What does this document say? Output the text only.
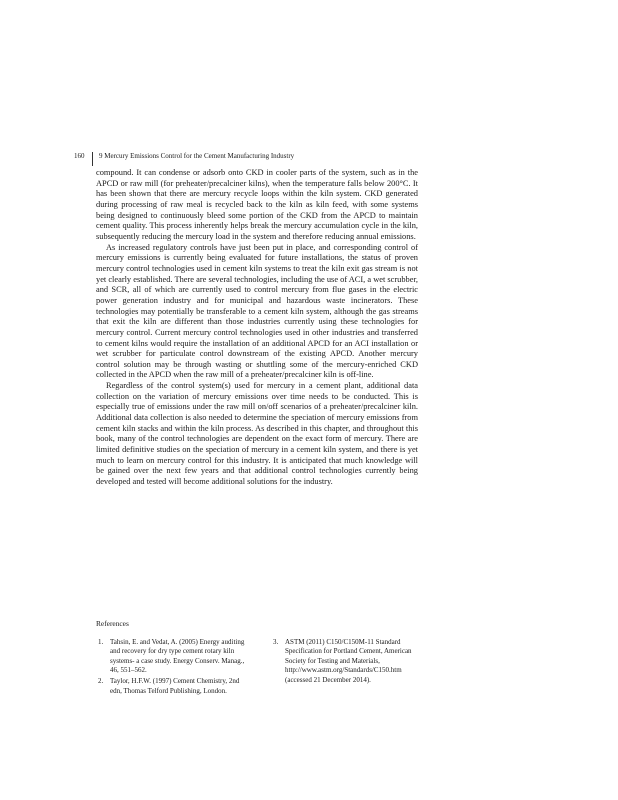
160	9 Mercury Emissions Control for the Cement Manufacturing Industry

compound. It can condense or adsorb onto CKD in cooler parts of the system, such as in the APCD or raw mill (for preheater/precalciner kilns), when the temperature falls below 200°C. It has been shown that there are mercury recycle loops within the kiln system. CKD generated during processing of raw meal is recycled back to the kiln as kiln feed, with some systems being designed to continuously bleed some portion of the CKD from the APCD to maintain cement quality. This process inherently helps break the mercury accumulation cycle in the kiln, subsequently reducing the mercury load in the system and therefore reducing annual emissions.

As increased regulatory controls have just been put in place, and corresponding control of mercury emissions is currently being evaluated for future installations, the status of proven mercury control technologies used in cement kiln systems to treat the kiln exit gas stream is not yet clearly established. There are several technologies, including the use of ACI, a wet scrubber, and SCR, all of which are currently used to control mercury from flue gases in the electric power generation industry and for municipal and hazardous waste incinerators. These technologies may potentially be transferable to a cement kiln system, although the gas streams that exit the kiln are different than those industries currently using these technologies for mercury control. Current mercury control technologies used in other industries and transferred to cement kilns would require the installation of an additional APCD for an ACI installation or wet scrubber for particulate control downstream of the existing APCD. Another mercury control solution may be through wasting or shuttling some of the mercury-enriched CKD collected in the APCD when the raw mill of a preheater/precalciner kiln is off-line.

Regardless of the control system(s) used for mercury in a cement plant, additional data collection on the variation of mercury emissions over time needs to be conducted. This is especially true of emissions under the raw mill on/off scenarios of a preheater/precalciner kiln. Additional data collection is also needed to determine the speciation of mercury emissions from cement kiln stacks and within the kiln process. As described in this chapter, and throughout this book, many of the control technologies are dependent on the exact form of mercury. There are limited definitive studies on the speciation of mercury in a cement kiln system, and there is yet much to learn on mercury control for this industry. It is anticipated that much knowledge will be gained over the next few years and that additional control technologies currently being developed and tested will become additional solutions for the industry.

References
1. Tahsin, E. and Vedat, A. (2005) Energy auditing and recovery for dry type cement rotary kiln systems- a case study. Energy Conserv. Manag., 46, 551–562.
2. Taylor, H.F.W. (1997) Cement Chemistry, 2nd edn, Thomas Telford Publishing, London.
3. ASTM (2011) C150/C150M-11 Standard Specification for Portland Cement, American Society for Testing and Materials, http://www.astm.org/Standards/C150.htm (accessed 21 December 2014).
